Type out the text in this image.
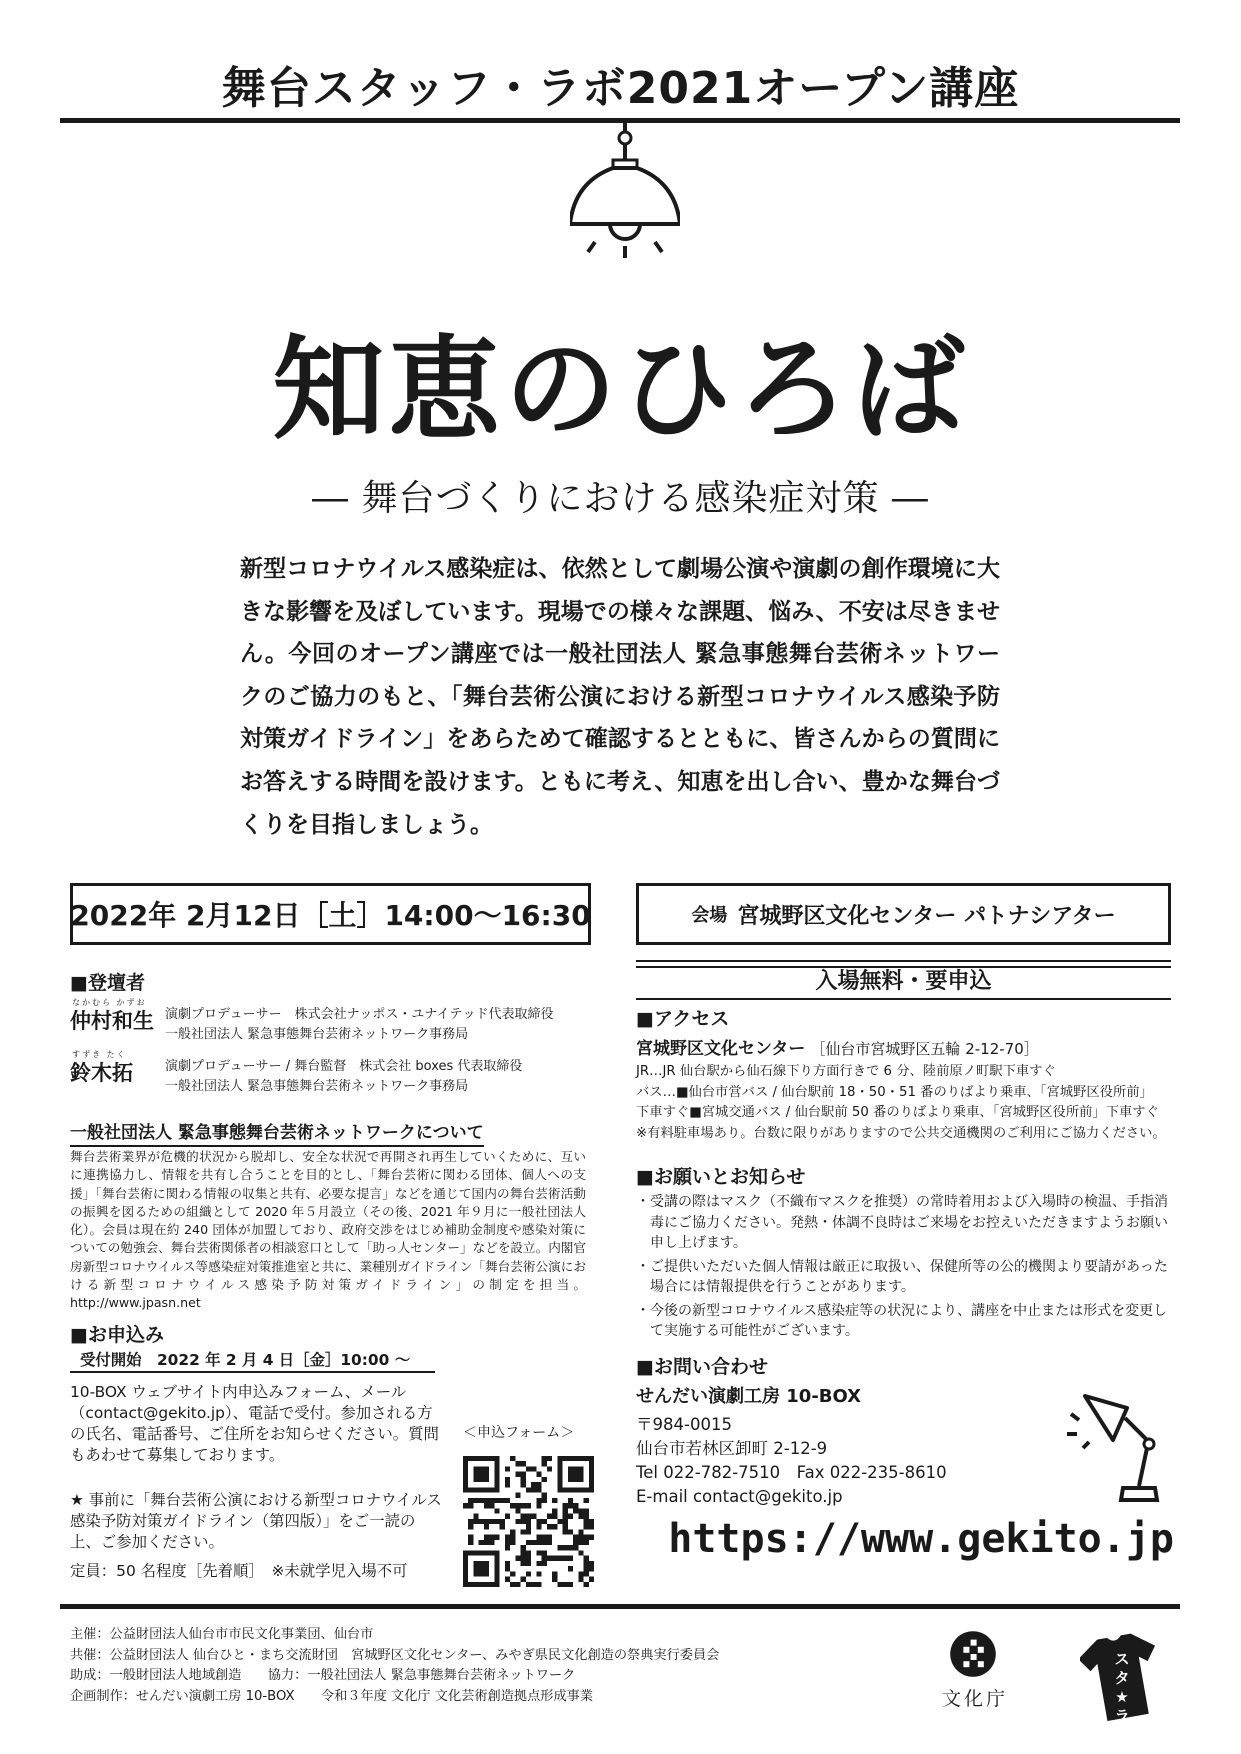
舞台スタッフ・ラボ2021オープン講座
知恵のひろば
― 舞台づくりにおける感染症対策 ―

新型コロナウイルス感染症は、依然として劇場公演や演劇の創作環境に大きな影響を及ぼしています。現場での様々な課題、悩み、不安は尽きません。今回のオープン講座では一般社団法人 緊急事態舞台芸術ネットワークのご協力のもと、「舞台芸術公演における新型コロナウイルス感染予防対策ガイドライン」をあらためて確認するとともに、皆さんからの質問にお答えする時間を設けます。ともに考え、知恵を出し合い、豊かな舞台づくりを目指しましょう。

2022年 2月12日［土］14:00〜16:30	会場 宮城野区文化センター パトナシアター
入場無料・要申込
■登壇者
なかむら かずお
仲村和生 演劇プロデューサー　株式会社ナッポス・ユナイテッド代表取締役
一般社団法人 緊急事態舞台芸術ネットワーク事務局
すずき たく
鈴木拓 演劇プロデューサー / 舞台監督　株式会社 boxes 代表取締役
一般社団法人 緊急事態舞台芸術ネットワーク事務局
一般社団法人 緊急事態舞台芸術ネットワークについて

舞台芸術業界が危機的状況から脱却し、安全な状況で再開され再生していくために、互いに連携協力し、情報を共有し合うことを目的とし、「舞台芸術に関わる団体、個人への支援」「舞台芸術に関わる情報の収集と共有、必要な提言」などを通じて国内の舞台芸術活動の振興を図るための組織として 2020 年５月設立（その後、2021 年９月に一般社団法人化）。会員は現在約 240 団体が加盟しており、政府交渉をはじめ補助金制度や感染対策についての勉強会、舞台芸術関係者の相談窓口として「助っ人センター」などを設立。内閣官房新型コロナウイルス等感染症対策推進室と共に、業種別ガイドライン「舞台芸術公演における新型コロナウイルス感染予防対策ガイドライン」の制定を担当。http://www.jpasn.net

■お申込み
受付開始　2022 年 2 月 4 日［金］10:00 〜

10-BOX ウェブサイト内申込みフォーム、メール（contact@gekito.jp）、電話で受付。参加される方の氏名、電話番号、ご住所をお知らせください。質問もあわせて募集しております。

★ 事前に「舞台芸術公演における新型コロナウイルス感染予防対策ガイドライン（第四版）」をご一読の上、ご参加ください。

定員：50 名程度［先着順］　※未就学児入場不可
＜申込フォーム＞
■アクセス
宮城野区文化センター ［仙台市宮城野区五輪 2-12-70］
JR…JR 仙台駅から仙石線下り方面行きで 6 分、陸前原ノ町駅下車すぐ
バス…■仙台市営バス / 仙台駅前 18・50・51 番のりばより乗車、「宮城野区役所前」
下車すぐ■宮城交通バス / 仙台駅前 50 番のりばより乗車、「宮城野区役所前」下車すぐ
※有料駐車場あり。台数に限りがありますので公共交通機関のご利用にご協力ください。
■お願いとお知らせ

・受講の際はマスク（不織布マスクを推奨）の常時着用および入場時の検温、手指消毒にご協力ください。発熱・体調不良時はご来場をお控えいただきますようお願い申し上げます。

・ご提供いただいた個人情報は厳正に取扱い、保健所等の公的機関より要請があった場合には情報提供を行うことがあります。

・今後の新型コロナウイルス感染症等の状況により、講座を中止または形式を変更して実施する可能性がございます。

■お問い合わせ
せんだい演劇工房 10-BOX
〒984-0015
仙台市若林区卸町 2-12-9
Tel 022-782-7510　Fax 022-235-8610
E-mail contact@gekito.jp
https://www.gekito.jp
主催：公益財団法人仙台市市民文化事業団、仙台市
共催：公益財団法人 仙台ひと・まち交流財団　宮城野区文化センター、みやぎ県民文化創造の祭典実行委員会
助成：一般財団法人地域創造　　協力：一般社団法人 緊急事態舞台芸術ネットワーク
企画制作：せんだい演劇工房 10-BOX　　令和３年度 文化庁 文化芸術創造拠点形成事業	文化庁
スタ★ラボ
